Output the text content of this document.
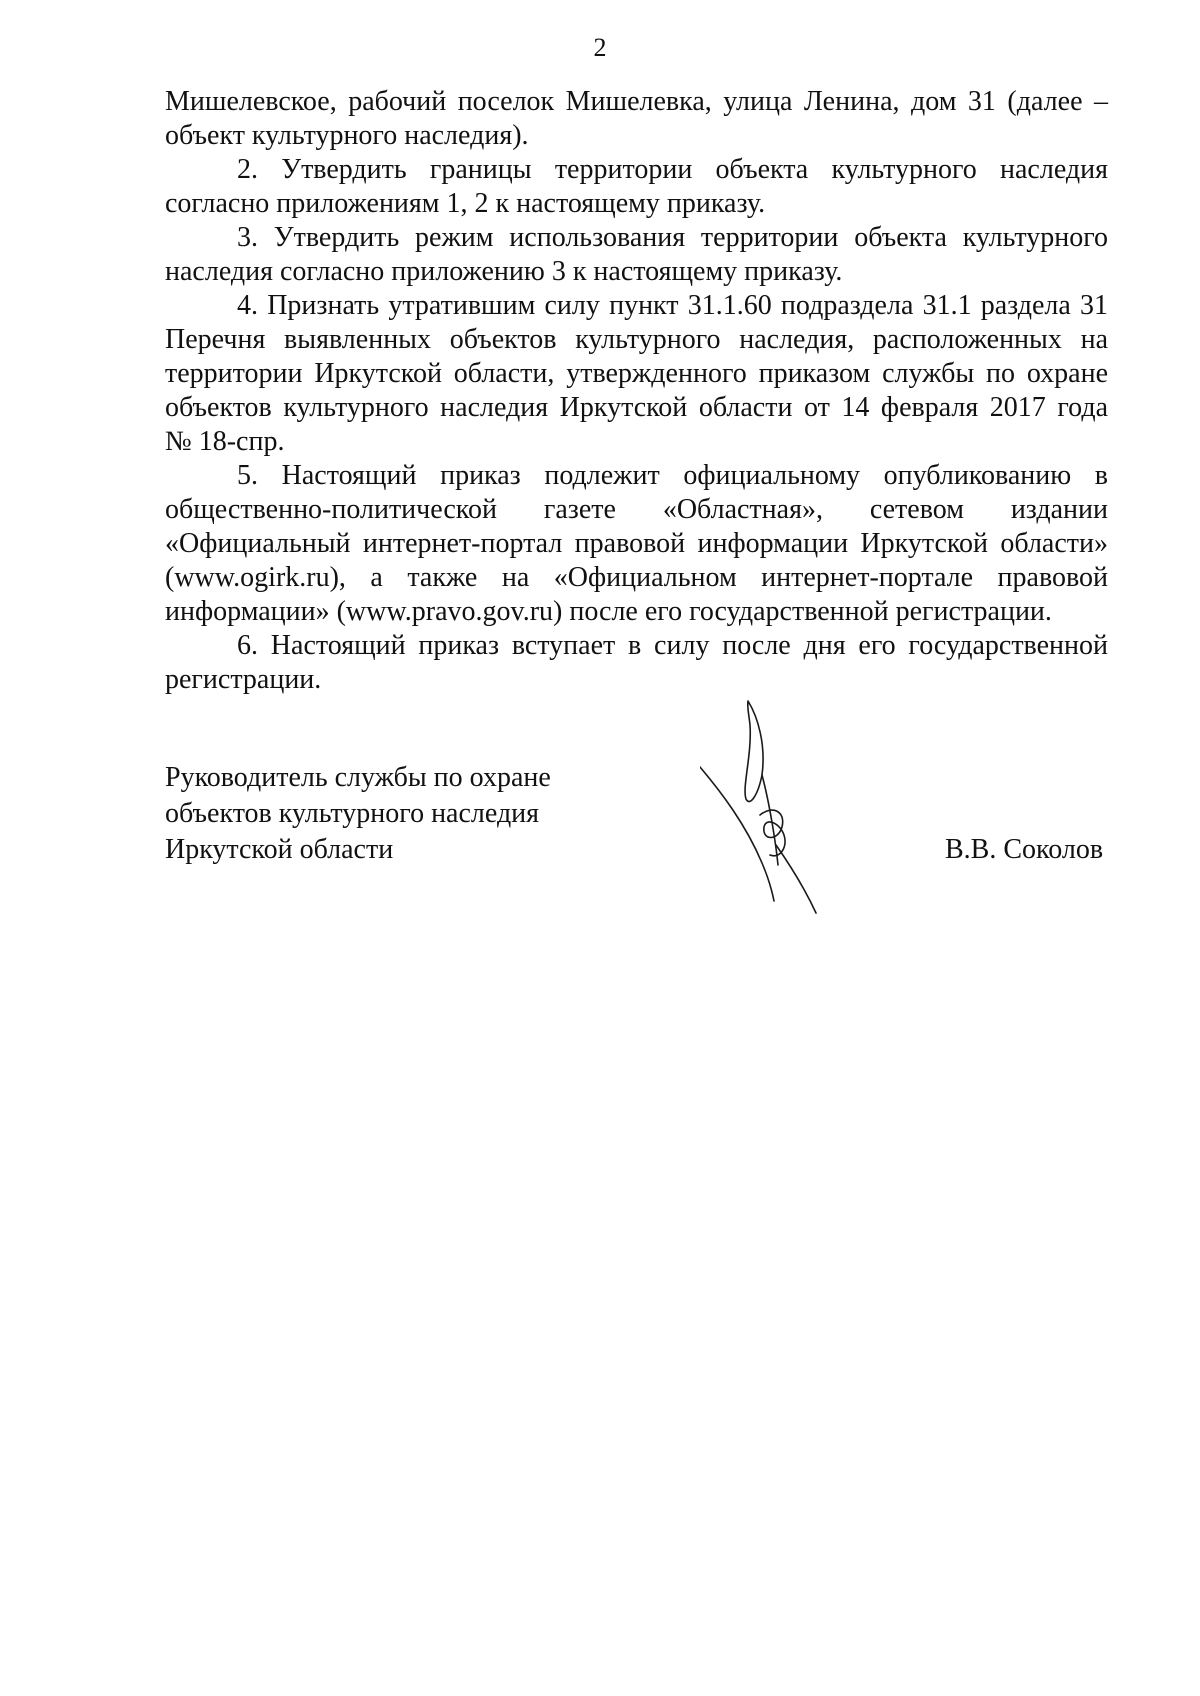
2
Мишелевское, рабочий поселок Мишелевка, улица Ленина, дом 31 (далее –
объект культурного наследия).
2. Утвердить границы территории объекта культурного наследия
согласно приложениям 1, 2 к настоящему приказу.
3. Утвердить режим использования территории объекта культурного
наследия согласно приложению 3 к настоящему приказу.
4. Признать утратившим силу пункт 31.1.60 подраздела 31.1 раздела 31
Перечня выявленных объектов культурного наследия, расположенных на
территории Иркутской области, утвержденного приказом службы по охране
объектов культурного наследия Иркутской области от 14 февраля 2017 года
№ 18-спр.
5. Настоящий приказ подлежит официальному опубликованию в
общественно-политической газете «Областная», сетевом издании
«Официальный интернет-портал правовой информации Иркутской области»
(www.ogirk.ru), а также на «Официальном интернет-портале правовой
информации» (www.pravo.gov.ru) после его государственной регистрации.
6. Настоящий приказ вступает в силу после дня его государственной
регистрации.
Руководитель службы по охране
объектов культурного наследия
Иркутской области	В.В. Соколов
